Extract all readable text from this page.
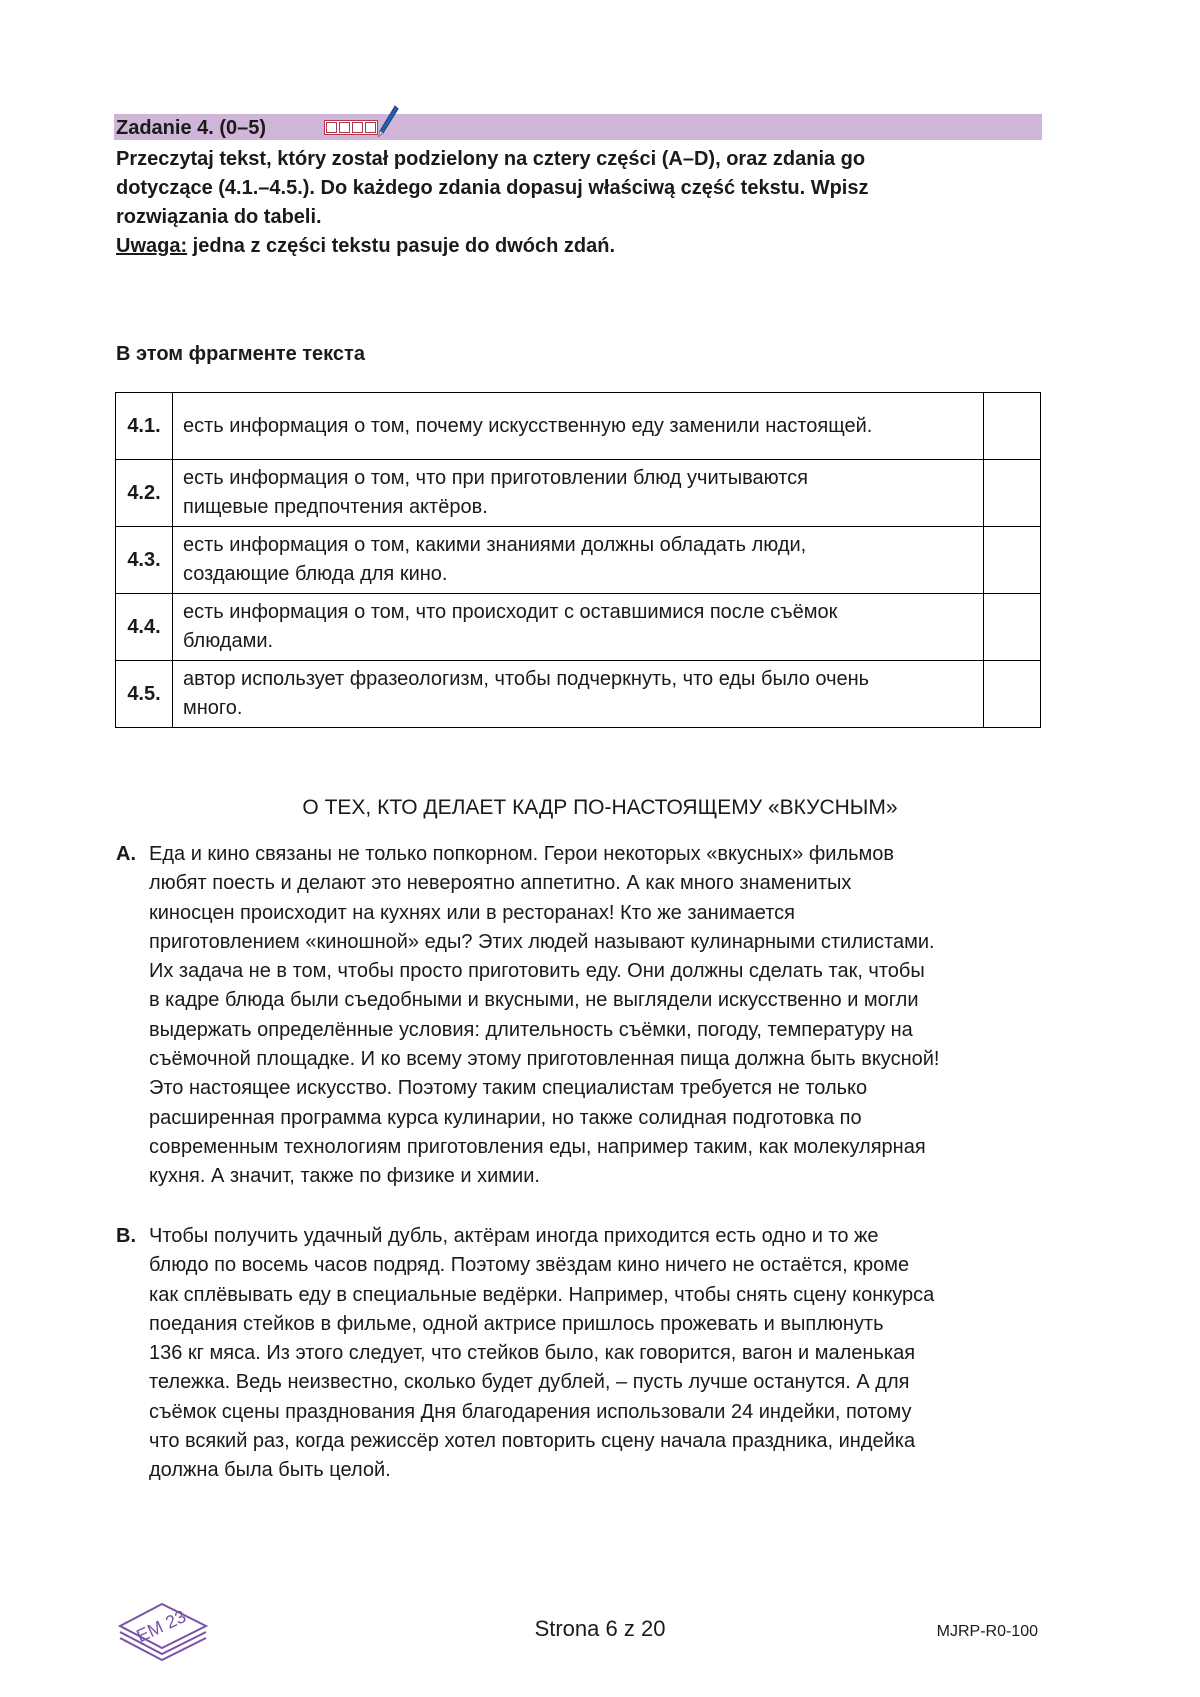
Zadanie 4. (0–5)

Przeczytaj tekst, który został podzielony na cztery części (A–D), oraz zdania go

dotyczące (4.1.–4.5.). Do każdego zdania dopasuj właściwą część tekstu. Wpisz

rozwiązania do tabeli.

Uwaga: jedna z części tekstu pasuje do dwóch zdań.

В этом фрагменте текста
4.1.	есть информация о том, почему искусственную еду заменили настоящей.	

4.2.	есть информация о том, что при приготовлении блюд учитываются
пищевые предпочтения актёров.	

4.3.	есть информация о том, какими знаниями должны обладать люди,
создающие блюда для кино.	

4.4.	есть информация о том, что происходит с оставшимися после съёмок
блюдами.	

4.5.	автор использует фразеологизм, чтобы подчеркнуть, что еды было очень
много.	

О ТЕХ, КТО ДЕЛАЕТ КАДР ПО-НАСТОЯЩЕМУ «ВКУСНЫМ»
A. Еда и кино связаны не только попкорном. Герои некоторых «вкусных» фильмов
любят поесть и делают это невероятно аппетитно. А как много знаменитых
киносцен происходит на кухнях или в ресторанах! Кто же занимается
приготовлением «киношной» еды? Этих людей называют кулинарными стилистами.
Их задача не в том, чтобы просто приготовить еду. Они должны сделать так, чтобы
в кадре блюда были съедобными и вкусными, не выглядели искусственно и могли
выдержать определённые условия: длительность съёмки, погоду, температуру на
съёмочной площадке. И ко всему этому приготовленная пища должна быть вкусной!
Это настоящее искусство. Поэтому таким специалистам требуется не только
расширенная программа курса кулинарии, но также солидная подготовка по
современным технологиям приготовления еды, например таким, как молекулярная
кухня. А значит, также по физике и химии.
B. Чтобы получить удачный дубль, актёрам иногда приходится есть одно и то же
блюдо по восемь часов подряд. Поэтому звёздам кино ничего не остаётся, кроме
как сплёвывать еду в специальные ведёрки. Например, чтобы снять сцену конкурса
поедания стейков в фильме, одной актрисе пришлось прожевать и выплюнуть
136 кг мяса. Из этого следует, что стейков было, как говорится, вагон и маленькая
тележка. Ведь неизвестно, сколько будет дублей, – пусть лучше останутся. А для
съёмок сцены празднования Дня благодарения использовали 24 индейки, потому
что всякий раз, когда режиссёр хотел повторить сцену начала праздника, индейка
должна была быть целой.
EM 23	Strona 6 z 20	MJRP-R0-100
